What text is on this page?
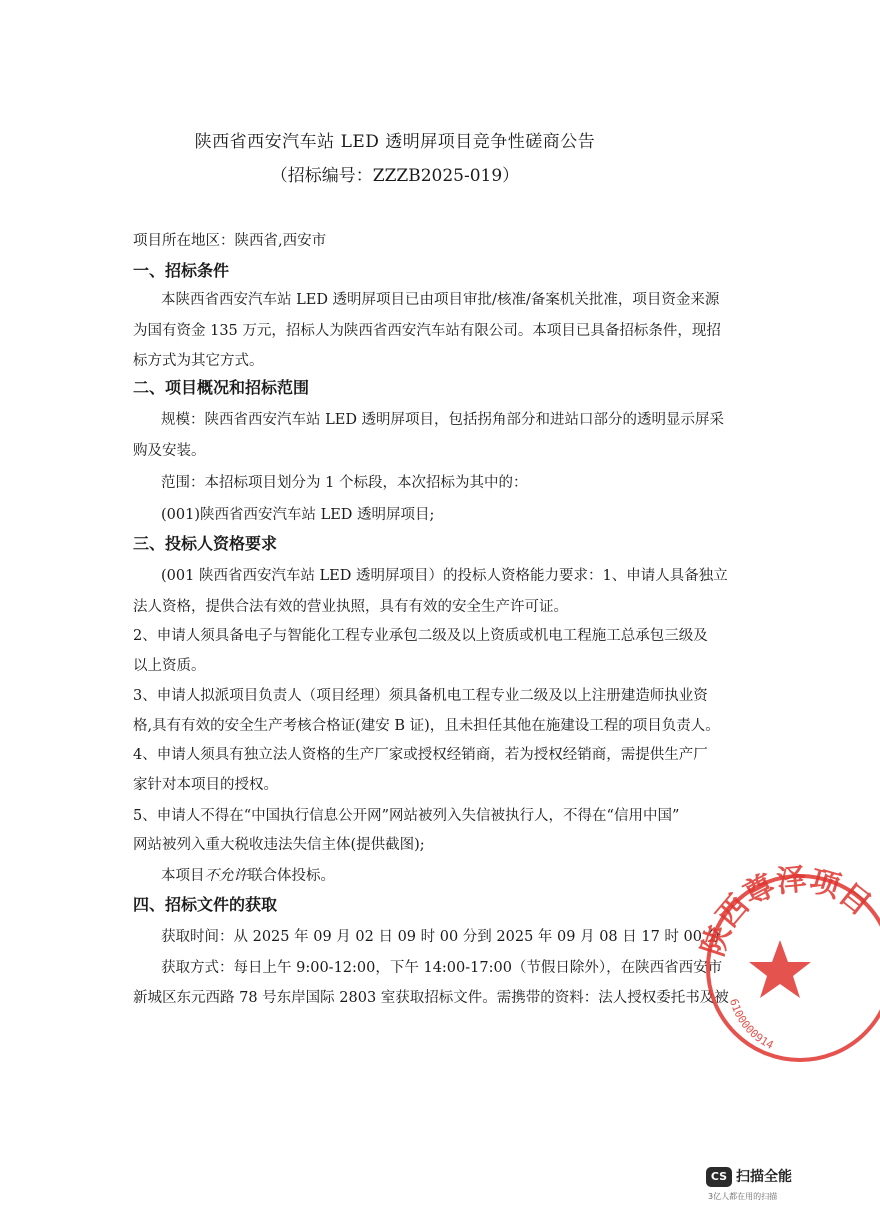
陕西省西安汽车站 LED 透明屏项目竞争性磋商公告
（招标编号：ZZZB2025-019）
项目所在地区：陕西省,西安市
一、招标条件
本陕西省西安汽车站 LED 透明屏项目已由项目审批/核准/备案机关批准，项目资金来源
为国有资金 135 万元，招标人为陕西省西安汽车站有限公司。本项目已具备招标条件，现招
标方式为其它方式。
二、项目概况和招标范围
规模：陕西省西安汽车站 LED 透明屏项目，包括拐角部分和进站口部分的透明显示屏采
购及安装。
范围：本招标项目划分为 1 个标段，本次招标为其中的：
(001)陕西省西安汽车站 LED 透明屏项目;
三、投标人资格要求
(001 陕西省西安汽车站 LED 透明屏项目）的投标人资格能力要求：1、申请人具备独立
法人资格，提供合法有效的营业执照，具有有效的安全生产许可证。
2、申请人须具备电子与智能化工程专业承包二级及以上资质或机电工程施工总承包三级及
以上资质。
3、申请人拟派项目负责人（项目经理）须具备机电工程专业二级及以上注册建造师执业资
格,具有有效的安全生产考核合格证(建安 B 证)，且未担任其他在施建设工程的项目负责人。
4、申请人须具有独立法人资格的生产厂家或授权经销商，若为授权经销商，需提供生产厂
家针对本项目的授权。
5、申请人不得在“中国执行信息公开网”网站被列入失信被执行人，不得在“信用中国”
网站被列入重大税收违法失信主体(提供截图);
本项目不允许联合体投标。
四、招标文件的获取
获取时间：从 2025 年 09 月 02 日 09 时 00 分到 2025 年 09 月 08 日 17 时 00 分
获取方式：每日上午 9:00-12:00，下午 14:00-17:00（节假日除外），在陕西省西安市
新城区东元西路 78 号东岸国际 2803 室获取招标文件。需携带的资料：法人授权委托书及被
陕西尊泽项目
6100000914
CS 扫描全能
3亿人都在用的扫描
